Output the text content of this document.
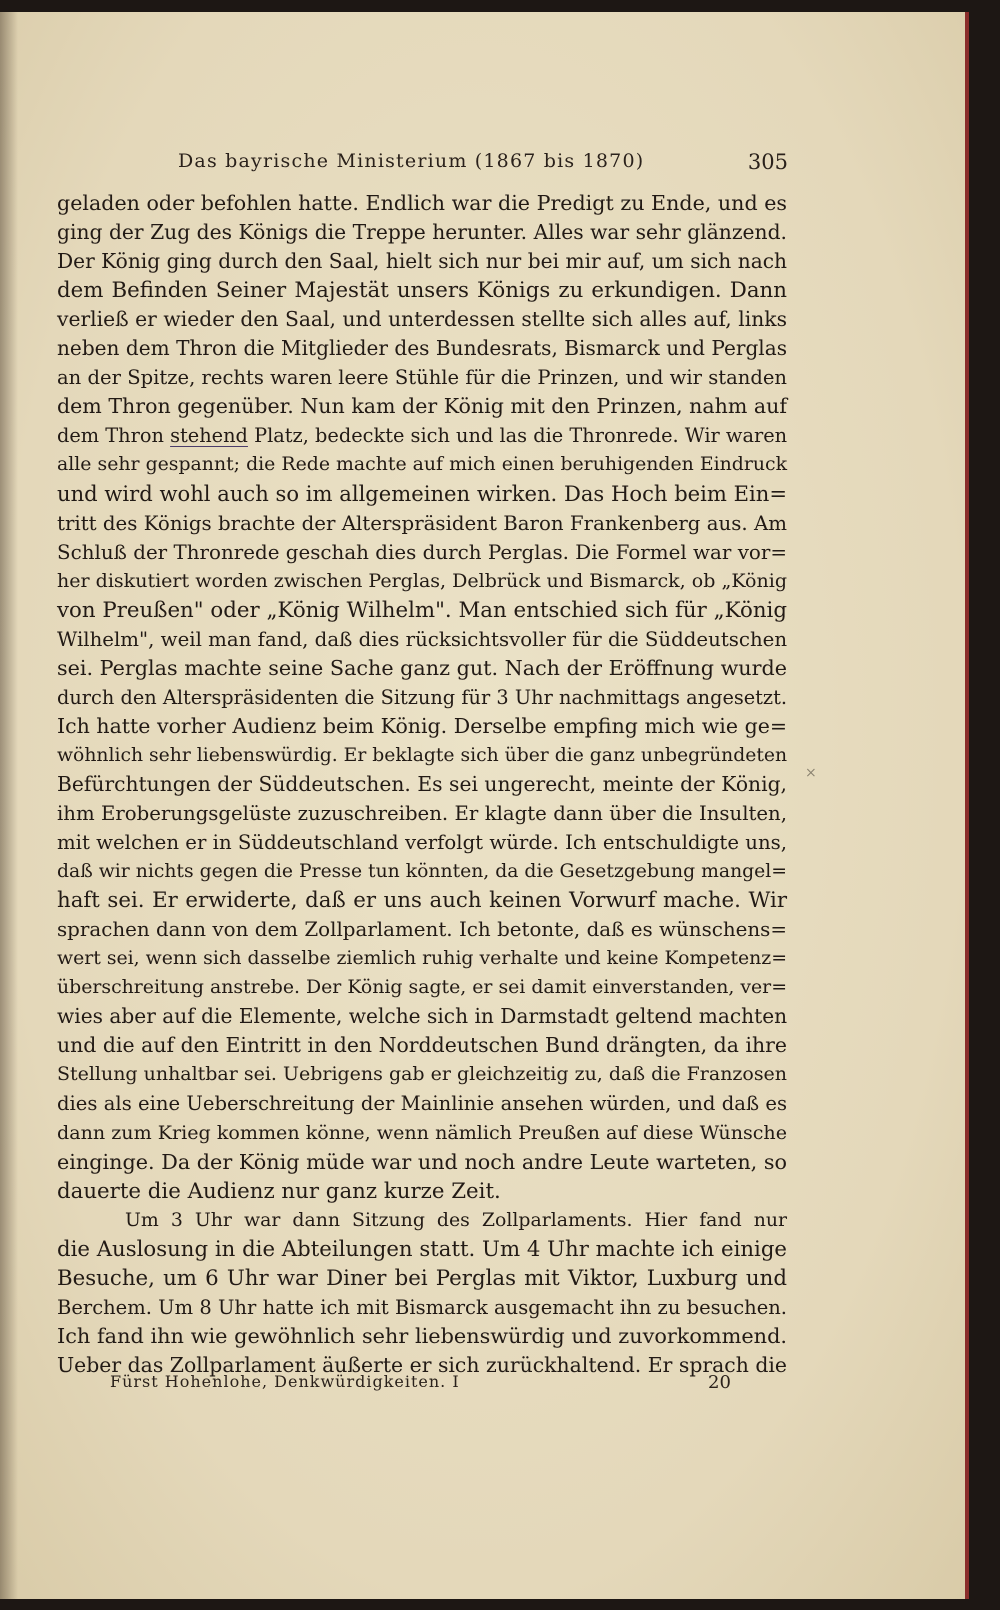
Das bayrische Ministerium (1867 bis 1870)	305
geladen oder befohlen hatte. Endlich war die Predigt zu Ende, und es
ging der Zug des Königs die Treppe herunter. Alles war sehr glänzend.
Der König ging durch den Saal, hielt sich nur bei mir auf, um sich nach
dem Befinden Seiner Majestät unsers Königs zu erkundigen. Dann
verließ er wieder den Saal, und unterdessen stellte sich alles auf, links
neben dem Thron die Mitglieder des Bundesrats, Bismarck und Perglas
an der Spitze, rechts waren leere Stühle für die Prinzen, und wir standen
dem Thron gegenüber. Nun kam der König mit den Prinzen, nahm auf
dem Thron stehend Platz, bedeckte sich und las die Thronrede. Wir waren
alle sehr gespannt; die Rede machte auf mich einen beruhigenden Eindruck
und wird wohl auch so im allgemeinen wirken. Das Hoch beim Ein=
tritt des Königs brachte der Alterspräsident Baron Frankenberg aus. Am
Schluß der Thronrede geschah dies durch Perglas. Die Formel war vor=
her diskutiert worden zwischen Perglas, Delbrück und Bismarck, ob „König
von Preußen" oder „König Wilhelm". Man entschied sich für „König
Wilhelm", weil man fand, daß dies rücksichtsvoller für die Süddeutschen
sei. Perglas machte seine Sache ganz gut. Nach der Eröffnung wurde
durch den Alterspräsidenten die Sitzung für 3 Uhr nachmittags angesetzt.
Ich hatte vorher Audienz beim König. Derselbe empfing mich wie ge=
wöhnlich sehr liebenswürdig. Er beklagte sich über die ganz unbegründeten
Befürchtungen der Süddeutschen. Es sei ungerecht, meinte der König,
ihm Eroberungsgelüste zuzuschreiben. Er klagte dann über die Insulten,
mit welchen er in Süddeutschland verfolgt würde. Ich entschuldigte uns,
daß wir nichts gegen die Presse tun könnten, da die Gesetzgebung mangel=
haft sei. Er erwiderte, daß er uns auch keinen Vorwurf mache. Wir
sprachen dann von dem Zollparlament. Ich betonte, daß es wünschens=
wert sei, wenn sich dasselbe ziemlich ruhig verhalte und keine Kompetenz=
überschreitung anstrebe. Der König sagte, er sei damit einverstanden, ver=
wies aber auf die Elemente, welche sich in Darmstadt geltend machten
und die auf den Eintritt in den Norddeutschen Bund drängten, da ihre
Stellung unhaltbar sei. Uebrigens gab er gleichzeitig zu, daß die Franzosen
dies als eine Ueberschreitung der Mainlinie ansehen würden, und daß es
dann zum Krieg kommen könne, wenn nämlich Preußen auf diese Wünsche
einginge. Da der König müde war und noch andre Leute warteten, so
dauerte die Audienz nur ganz kurze Zeit.
Um 3 Uhr war dann Sitzung des Zollparlaments. Hier fand nur
die Auslosung in die Abteilungen statt. Um 4 Uhr machte ich einige
Besuche, um 6 Uhr war Diner bei Perglas mit Viktor, Luxburg und
Berchem. Um 8 Uhr hatte ich mit Bismarck ausgemacht ihn zu besuchen.
Ich fand ihn wie gewöhnlich sehr liebenswürdig und zuvorkommend.
Ueber das Zollparlament äußerte er sich zurückhaltend. Er sprach die
×
Fürst Hohenlohe, Denkwürdigkeiten. I	20
